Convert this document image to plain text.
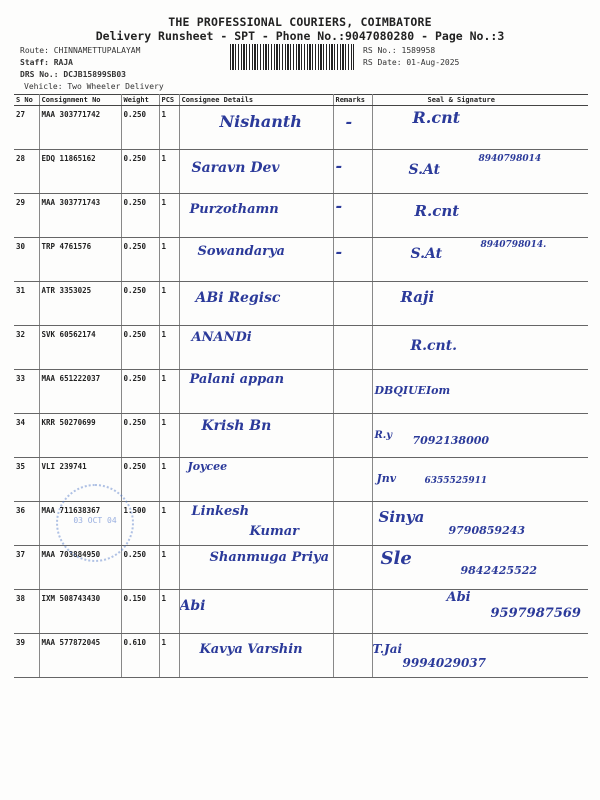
THE PROFESSIONAL COURIERS, COIMBATORE
Delivery Runsheet - SPT - Phone No.:9047080280 - Page No.:3
Route: CHINNAMETTUPALAYAM
Staff: RAJA
DRS No.: DCJB15899SB03
Vehicle: Two Wheeler Delivery
RS No.: 1589958
RS Date: 01-Aug-2025
S No	Consignment No	Weight	PCS	Consignee Details	Remarks	Seal & Signature
27	MAA 303771742	0.250	1	Nishanth	-	R.cnt

28	EDQ 11865162	0.250	1	Saravn Dev	-	S.At
8940798014

29	MAA 303771743	0.250	1	Purzothamn	-	R.cnt

30	TRP 4761576	0.250	1	Sowandarya	-	S.At
8940798014.

31	ATR 3353025	0.250	1	ABi Regisc		Raji

32	SVK 60562174	0.250	1	ANANDi		R.cnt.

33	MAA 651222037	0.250	1	Palani appan		DBQIUEIom

34	KRR 50270699	0.250	1	Krish Bn		R.y 7092138000

35	VLI 239741	0.250	1	Joycee		Jnv 6355525911

36	MAA 711638367	1.500	1	Linkesh
Kumar		Sinya
9790859243

37	MAA 703884950	0.250	1	Shanmuga Priya		Sle
9842425522

38	IXM 508743430	0.150	1	Abi		Abi
9597987569

39	MAA 577872045	0.610	1	Kavya Varshin		T.Jai
9994029037
03 OCT 04
